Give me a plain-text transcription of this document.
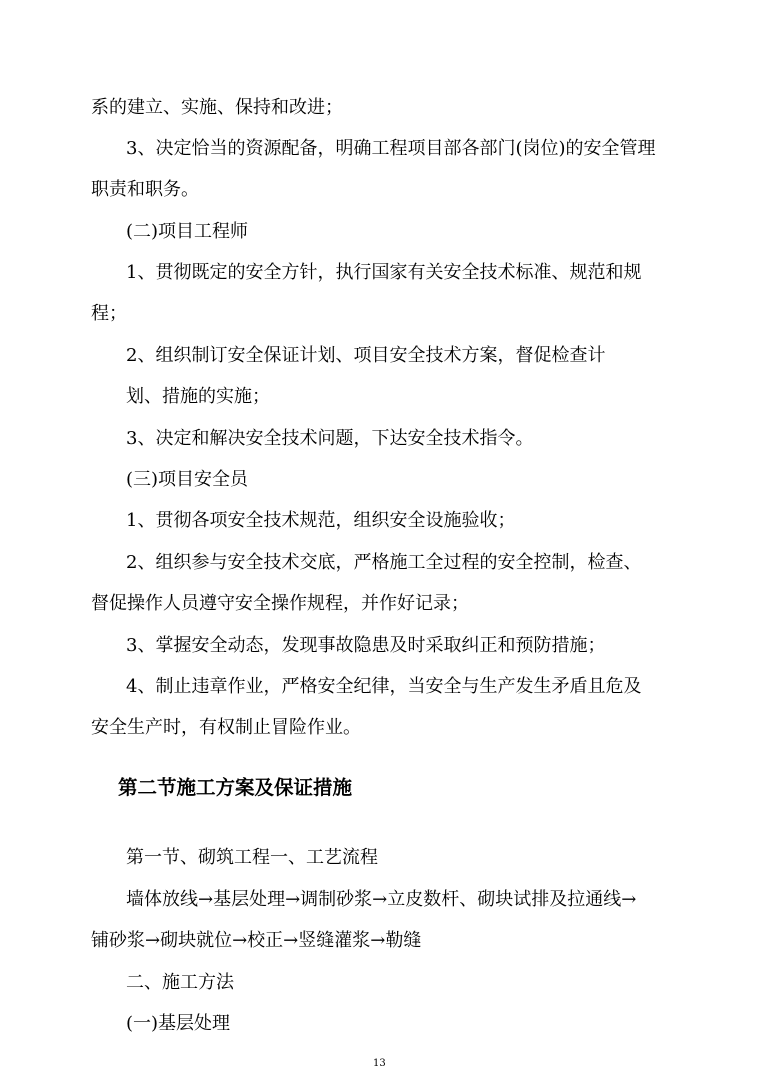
系的建立、实施、保持和改进；
3、决定恰当的资源配备，明确工程项目部各部门(岗位)的安全管理
职责和职务。
(二)项目工程师
1、贯彻既定的安全方针，执行国家有关安全技术标准、规范和规
程；
2、组织制订安全保证计划、项目安全技术方案，督促检查计
划、措施的实施；
3、决定和解决安全技术问题，下达安全技术指令。
(三)项目安全员
1、贯彻各项安全技术规范，组织安全设施验收；
2、组织参与安全技术交底，严格施工全过程的安全控制，检查、
督促操作人员遵守安全操作规程，并作好记录；
3、掌握安全动态，发现事故隐患及时采取纠正和预防措施；
4、制止违章作业，严格安全纪律，当安全与生产发生矛盾且危及
安全生产时，有权制止冒险作业。
第二节施工方案及保证措施
第一节、砌筑工程一、工艺流程
墙体放线→基层处理→调制砂浆→立皮数杆、砌块试排及拉通线→
铺砂浆→砌块就位→校正→竖缝灌浆→勒缝
二、施工方法
(一)基层处理
13
